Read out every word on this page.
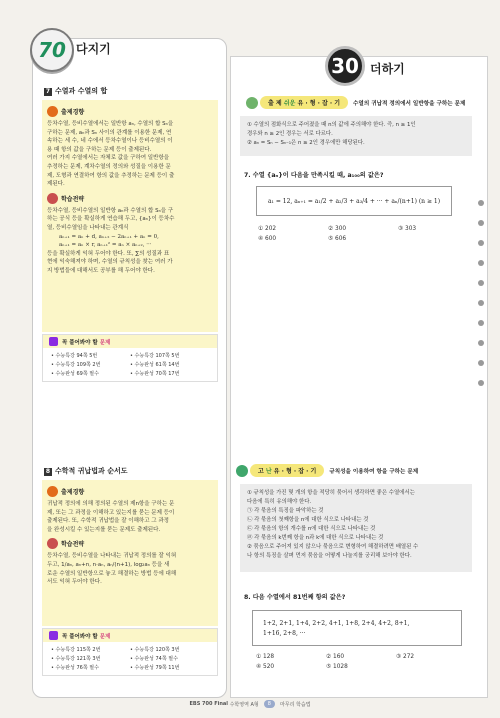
70 다지기
7 수열과 수열의 합
출제경향
등차수열, 등비수열에서는 일반항 aₙ, 수열의 합 Sₙ을
구하는 문제, aₙ과 Sₙ 사이의 관계를 이용한 문제, 연
속하는 세 수, 네 수에서 등차수열이나 등비수열의 이
용 때 항의 값을 구하는 문제 등이 출제된다.
여러 가지 수열에서는 자체로 값을 구하여 일반항을
추정하는 문제, 계차수열의 정의와 성질을 이용한 문
제, 도형과 연결하여 항의 값을 추정하는 문제 등이 출
제된다.
학습전략
등차수열, 등비수열의 일반항 aₙ과 수열의 합 Sₙ을 구
하는 공식 등을 확실하게 연습해 두고, {aₙ}이 등차수
열, 등비수열임을 나타내는 관계식
aₙ₊₁ = aₙ + d, aₙ₊₂ − 2aₙ₊₁ + aₙ = 0,
aₙ₊₁ = aₙ × r, aₙ₊₁² = aₙ × aₙ₊₂, ···
등을 확실하게 익혀 두어야 한다. 또, ∑의 성질과 표
현에 익숙해져야 하며, 수열의 규칙성을 찾는 여러 가
지 방법들에 대해서도 공부를 해 두어야 한다.
꼭 풀어봐야 할 문제
• 수능특강 94쪽 5번	• 수능특강 107쪽 5번
• 수능특강 109쪽 2번	• 수능완성 61쪽 14번
• 수능완성 69쪽 필수	• 수능완성 70쪽 17번
8 수학적 귀납법과 순서도
출제경향
귀납적 정의에 의해 정의된 수열의 제n항을 구하는 문
제, 또는 그 과정을 이해하고 있는지를 묻는 문제 등이
출제된다. 또, 수학적 귀납법을 잘 이해하고 그 과정
을 완성시킬 수 있는지를 묻는 문제도 출제된다.
학습전략
등차수열, 등비수열을 나타내는 귀납적 정의를 잘 익혀
두고, 1/aₙ, aₙ+n, n·aₙ, aₙ/(n+1), log₂aₙ 등을 새
로운 수열의 일반항으로 놓고 해결하는 방법 등에 대해
서도 익혀 두어야 한다.
꼭 풀어봐야 할 문제
• 수능특강 115쪽 2번	• 수능특강 120쪽 3번
• 수능특강 121쪽 3번	• 수능완성 74쪽 필수
• 수능완성 76쪽 필수	• 수능완성 79쪽 11번
30 더하기
출 제 쉬운 유 · 형 · 잡 · 기	수열의 귀납적 정의에서 일반항을 구하는 문제
① 수열의 점화식으로 주어졌을 때 n의 값에 주의해야 한다. 즉, n ≥ 1인
경우와 n ≥ 2인 경우는 서로 다르다.
② aₙ = Sₙ − Sₙ₋₁은 n ≥ 2인 경우에만 해당된다.
7. 수열 {aₙ}이 다음을 만족시킬 때, a₁₀₀의 값은?
a₁ = 12, aₙ₊₁ = a₁/2 + a₂/3 + a₃/4 + ··· + aₙ/(n+1) (n ≥ 1)
① 202	② 300	③ 303
④ 600	⑤ 606
고 난 유 · 형 · 잡 · 기	규칙성을 이용하여 항을 구하는 문제
① 규칙성을 가진 몇 개의 항을 적당히 묶어서 생각하면 좋은 수열에서는
다음에 특히 유의해야 한다.
㉠ 각 묶음의 특징을 파악하는 것
㉡ 각 묶음의 첫째항을 n에 대한 식으로 나타내는 것
㉢ 각 묶음의 항의 개수를 n에 대한 식으로 나타내는 것
㉣ 각 묶음의 k번째 항을 n과 k에 대한 식으로 나타내는 것
② 묶음으로 주어져 있지 않으나 묶음으로 변형하여 해결하려면 배열된 수
나 항의 특징을 살펴 먼저 묶음을 어떻게 나눌지를 궁리해 보아야 한다.
8. 다음 수열에서 81번째 항의 값은?
1+2, 2+1, 1+4, 2+2, 4+1, 1+8, 2+4, 4+2, 8+1,
1+16, 2+8, ···
① 128	② 160	③ 272
④ 520	⑤ 1028
EBS 700 Final
수학영역 A형	8	마무리 학습법
